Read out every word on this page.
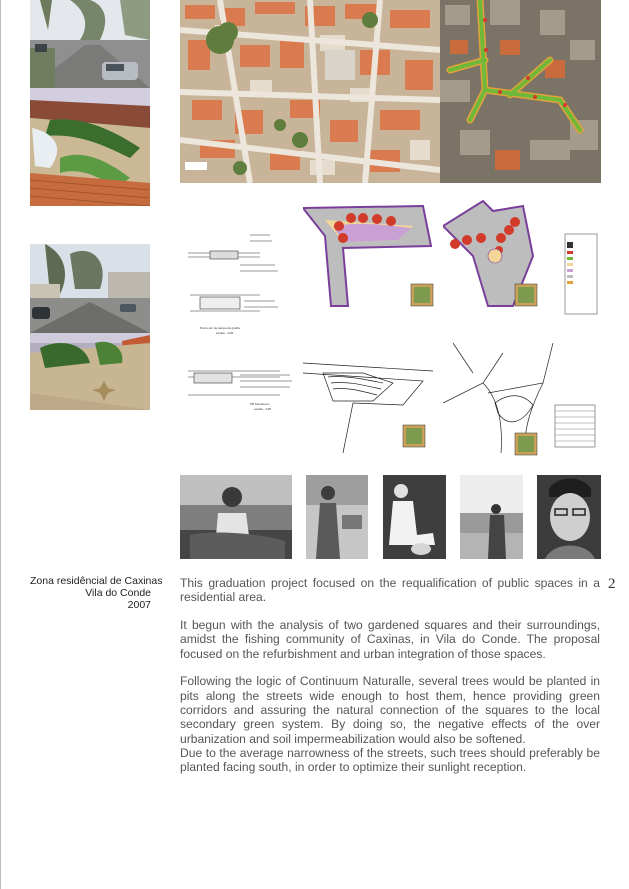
Pormenor de tampa de grelha
escala - 1/25
PB Sumidouro
escala - 1/25
Zona residêncial de Caxinas
Vila do Conde
2007

This graduation project focused on the requalification of public spaces in a residential area.

It begun with the analysis of two gardened squares and their surroundings, amidst the fishing community of Caxinas, in Vila do Conde. The proposal focused on the refurbishment and urban integration of those spaces.

Following the logic of Continuum Naturalle, several trees would be planted in pits along the streets wide enough to host them, hence providing green corridors and assuring the natural connection of the squares to the local secondary green system. By doing so, the negative effects of the over urbanization and soil impermeabilization would also be softened.

Due to the average narrowness of the streets, such trees should preferably be planted facing south, in order to optimize their sunlight reception.

2
